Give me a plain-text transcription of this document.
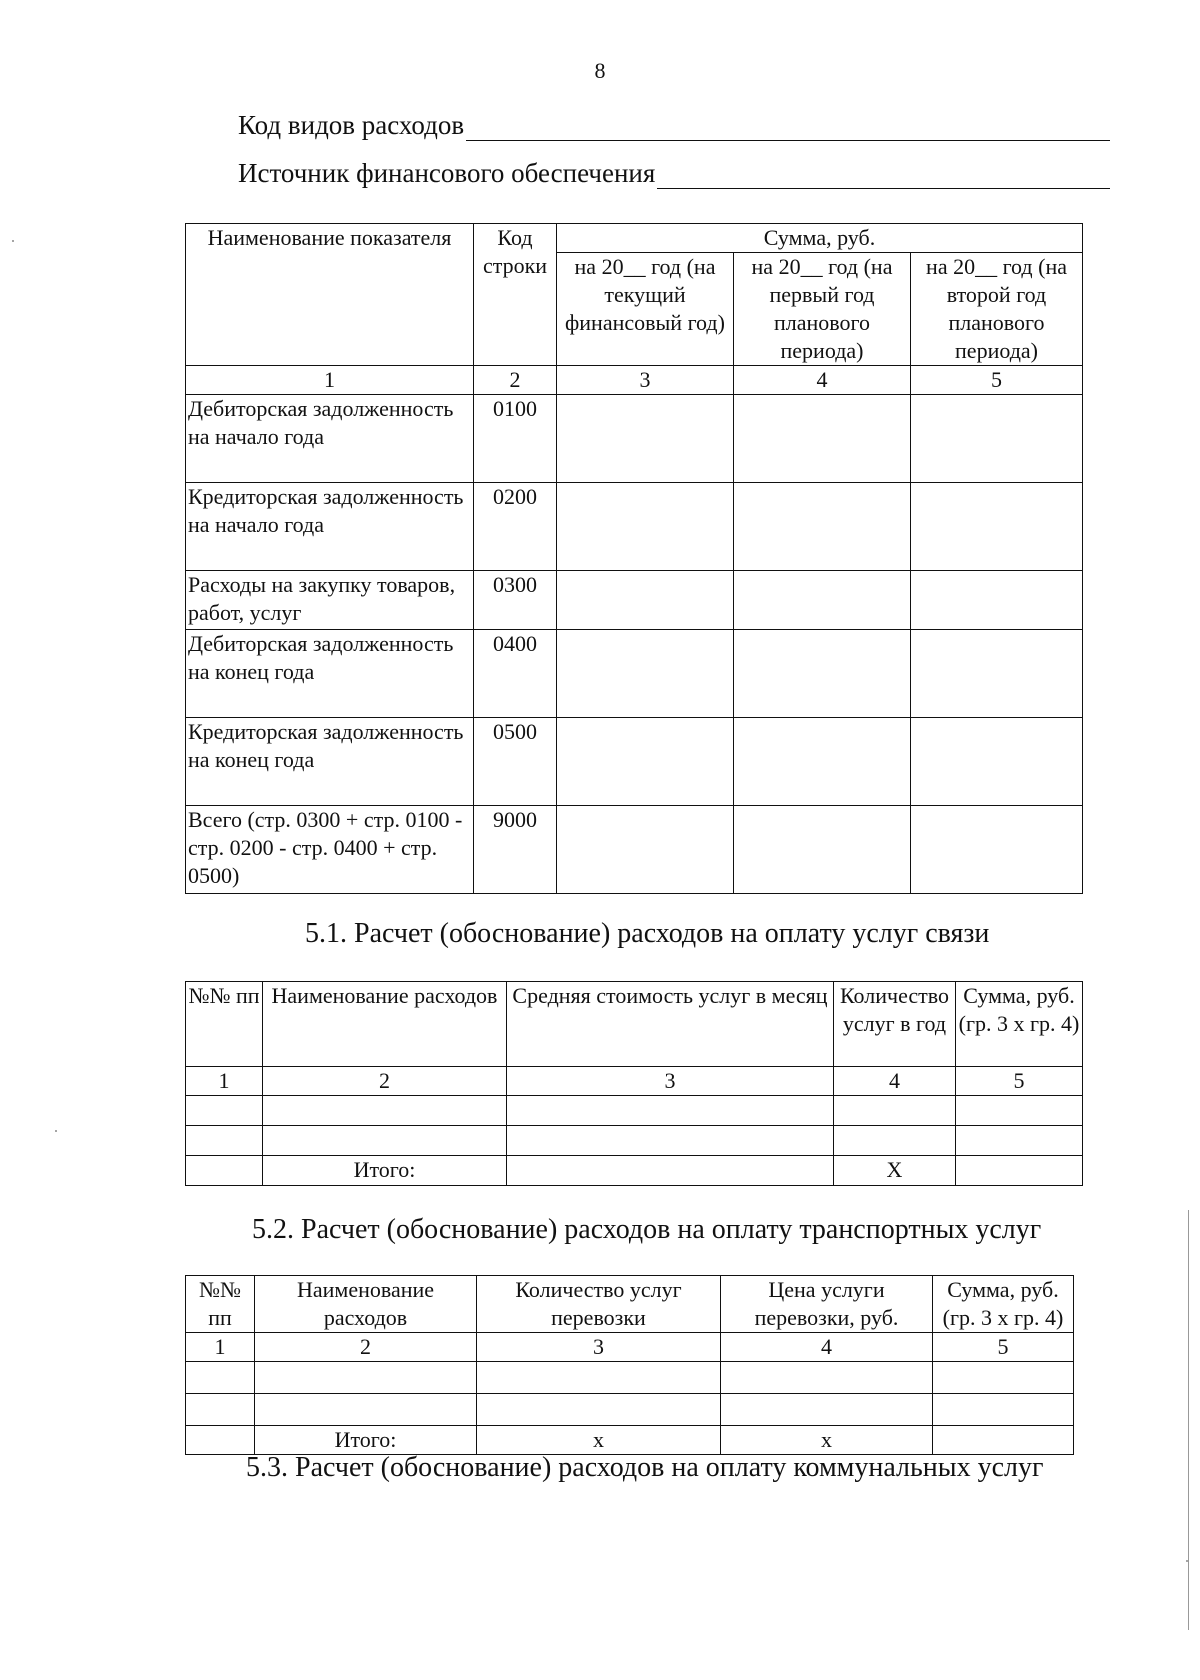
8
Код видов расходов
Источник финансового обеспечения
Наименование показателя	Код строки	Сумма, руб.		
		на 20__ год (на текущий финансовый год)	на 20__ год (на первый год планового периода)	на 20__ год (на второй год планового периода)
1	2	3	4	5
Дебиторская задолженность на начало года	0100			
Кредиторская задолженность на начало года	0200			
Расходы на закупку товаров, работ, услуг	0300			
Дебиторская задолженность на конец года	0400			
Кредиторская задолженность на конец года	0500			
Всего (стр. 0300 + стр. 0100 - стр. 0200 - стр. 0400 + стр. 0500)	9000			
5.1. Расчет (обоснование) расходов на оплату услуг связи
№№ пп	Наименование расходов	Средняя стоимость услуг в месяц	Количество услуг в год	Сумма, руб. (гр. 3 х гр. 4)
1	2	3	4	5

	Итого:		X	
5.2. Расчет (обоснование) расходов на оплату транспортных услуг
№№ пп	Наименование расходов	Количество услуг перевозки	Цена услуги перевозки, руб.	Сумма, руб. (гр. 3 х гр. 4)
1	2	3	4	5

	Итого:	x	x	
5.3. Расчет (обоснование) расходов на оплату коммунальных услуг
